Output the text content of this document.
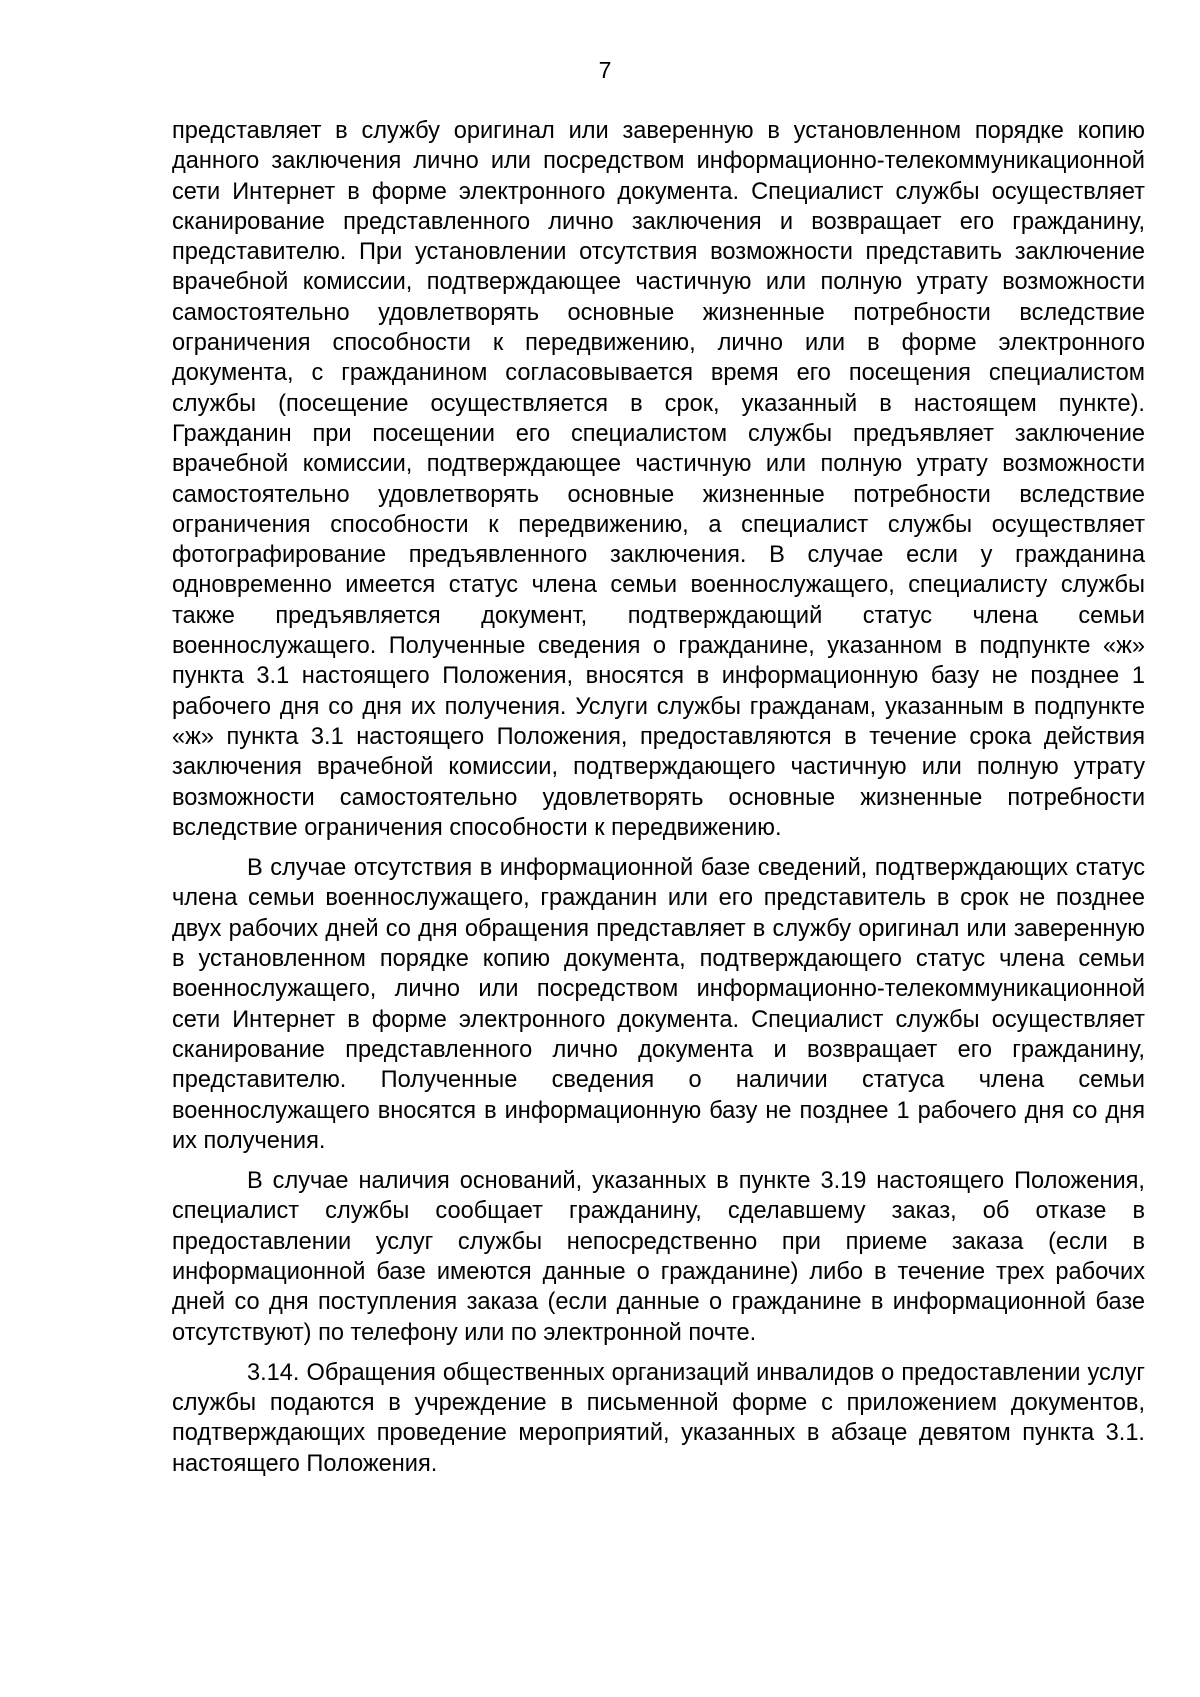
7

представляет в службу оригинал или заверенную в установленном порядке копию данного заключения лично или посредством информационно-телекоммуникационной сети Интернет в форме электронного документа. Специалист службы осуществляет сканирование представленного лично заключения и возвращает его гражданину, представителю. При установлении отсутствия возможности представить заключение врачебной комиссии, подтверждающее частичную или полную утрату возможности самостоятельно удовлетворять основные жизненные потребности вследствие ограничения способности к передвижению, лично или в форме электронного документа, с гражданином согласовывается время его посещения специалистом службы (посещение осуществляется в срок, указанный в настоящем пункте). Гражданин при посещении его специалистом службы предъявляет заключение врачебной комиссии, подтверждающее частичную или полную утрату возможности самостоятельно удовлетворять основные жизненные потребности вследствие ограничения способности к передвижению, а специалист службы осуществляет фотографирование предъявленного заключения. В случае если у гражданина одновременно имеется статус члена семьи военнослужащего, специалисту службы также предъявляется документ, подтверждающий статус члена семьи военнослужащего. Полученные сведения о гражданине, указанном в подпункте «ж» пункта 3.1 настоящего Положения, вносятся в информационную базу не позднее 1 рабочего дня со дня их получения. Услуги службы гражданам, указанным в подпункте «ж» пункта 3.1 настоящего Положения, предоставляются в течение срока действия заключения врачебной комиссии, подтверждающего частичную или полную утрату возможности самостоятельно удовлетворять основные жизненные потребности вследствие ограничения способности к передвижению.

В случае отсутствия в информационной базе сведений, подтверждающих статус члена семьи военнослужащего, гражданин или его представитель в срок не позднее двух рабочих дней со дня обращения представляет в службу оригинал или заверенную в установленном порядке копию документа, подтверждающего статус члена семьи военнослужащего, лично или посредством информационно-телекоммуникационной сети Интернет в форме электронного документа. Специалист службы осуществляет сканирование представленного лично документа и возвращает его гражданину, представителю. Полученные сведения о наличии статуса члена семьи военнослужащего вносятся в информационную базу не позднее 1 рабочего дня со дня их получения.

В случае наличия оснований, указанных в пункте 3.19 настоящего Положения, специалист службы сообщает гражданину, сделавшему заказ, об отказе в предоставлении услуг службы непосредственно при приеме заказа (если в информационной базе имеются данные о гражданине) либо в течение трех рабочих дней со дня поступления заказа (если данные о гражданине в информационной базе отсутствуют) по телефону или по электронной почте.

3.14. Обращения общественных организаций инвалидов о предоставлении услуг службы подаются в учреждение в письменной форме с приложением документов, подтверждающих проведение мероприятий, указанных в абзаце девятом пункта 3.1. настоящего Положения.
